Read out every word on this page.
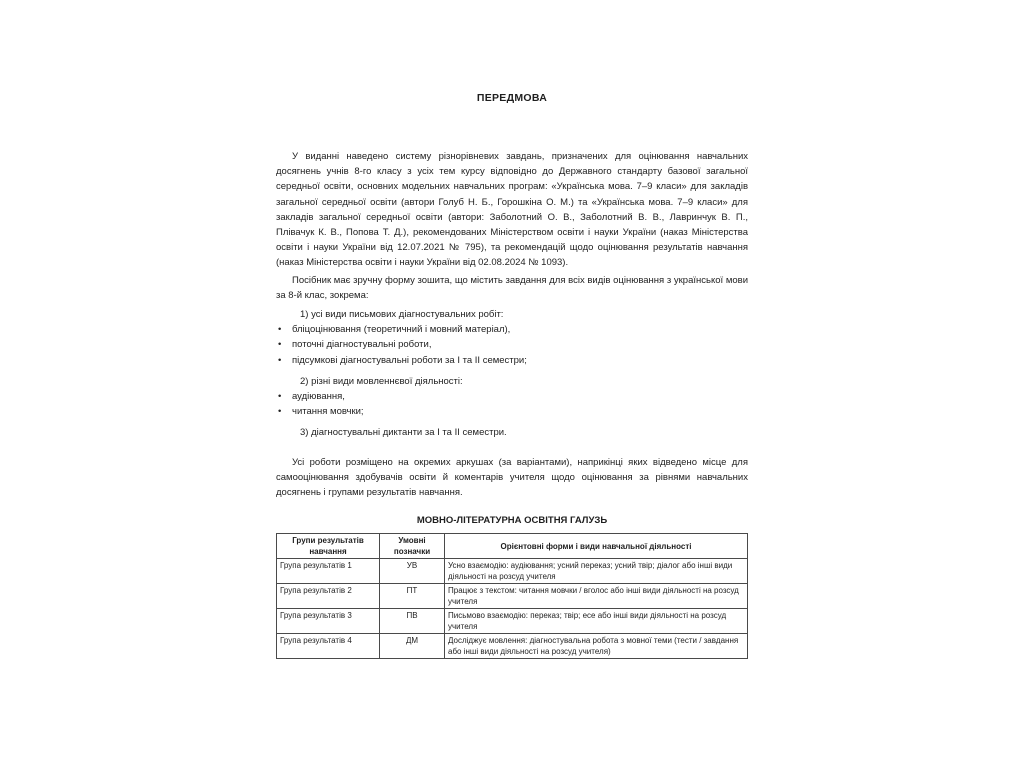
ПЕРЕДМОВА

У виданні наведено систему різнорівневих завдань, призначених для оцінювання навчальних досягнень учнів 8-го класу з усіх тем курсу відповідно до Державного стандарту базової загальної середньої освіти, основних модельних навчальних програм: «Українська мова. 7–9 класи» для закладів загальної середньої освіти (автори Голуб Н. Б., Горошкіна О. М.) та «Українська мова. 7–9 класи» для закладів загальної середньої освіти (автори: Заболотний О. В., Заболотний В. В., Лавринчук В. П., Плівачук К. В., Попова Т. Д.), рекомендованих Міністерством освіти і науки України (наказ Міністерства освіти і науки України від 12.07.2021 № 795), та рекомендацій щодо оцінювання результатів навчання (наказ Міністерства освіти і науки України від 02.08.2024 № 1093).

Посібник має зручну форму зошита, що містить завдання для всіх видів оцінювання з української мови за 8-й клас, зокрема:

1) усі види письмових діагностувальних робіт:

• бліцоцінювання (теоретичний і мовний матеріал),
• поточні діагностувальні роботи,
• підсумкові діагностувальні роботи за I та II семестри;

2) різні види мовленнєвої діяльності:

• аудіювання,
• читання мовчки;

3) діагностувальні диктанти за I та II семестри.

Усі роботи розміщено на окремих аркушах (за варіантами), наприкінці яких відведено місце для самооцінювання здобувачів освіти й коментарів учителя щодо оцінювання за рівнями навчальних досягнень і групами результатів навчання.

МОВНО-ЛІТЕРАТУРНА ОСВІТНЯ ГАЛУЗЬ
Групи результатів навчання	Умовні позначки	Орієнтовні форми і види навчальної діяльності
Група результатів 1	УВ	Усно взаємодію: аудіювання; усний переказ; усний твір; діалог або інші види діяльності на розсуд учителя
Група результатів 2	ПТ	Працює з текстом: читання мовчки / вголос або інші види діяльності на розсуд учителя
Група результатів 3	ПВ	Письмово взаємодію: переказ; твір; есе або інші види діяльності на розсуд учителя
Група результатів 4	ДМ	Досліджує мовлення: діагностувальна робота з мовної теми (тести / завдання або інші види діяльності на розсуд учителя)
